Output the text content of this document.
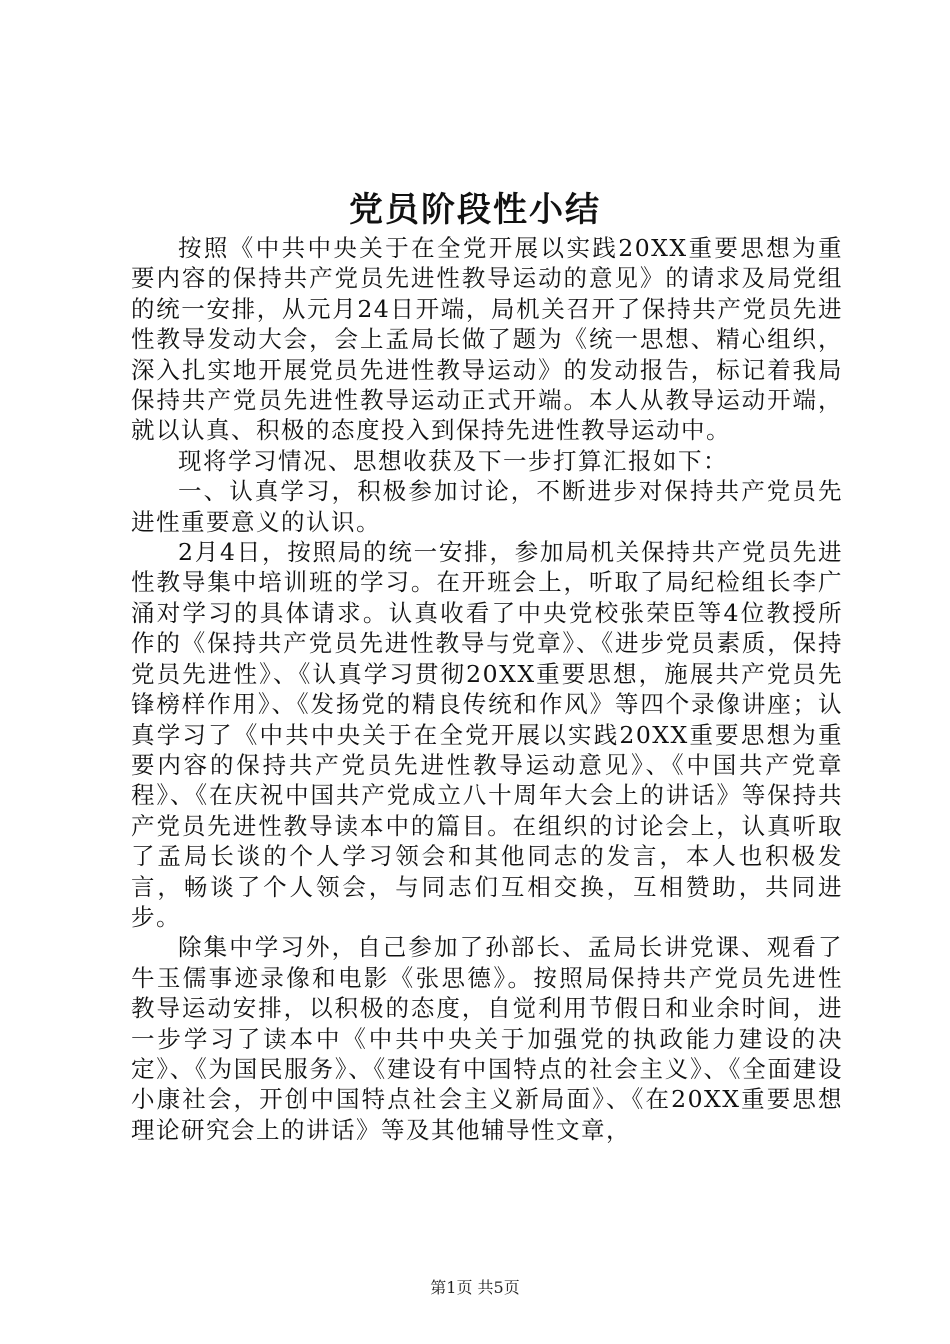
党员阶段性小结

按照《中共中央关于在全党开展以实践20XX重要思想为重要内容的保持共产党员先进性教导运动的意见》的请求及局党组的统一安排，从元月24日开端，局机关召开了保持共产党员先进性教导发动大会，会上孟局长做了题为《统一思想、精心组织，深入扎实地开展党员先进性教导运动》的发动报告，标记着我局保持共产党员先进性教导运动正式开端。本人从教导运动开端，就以认真、积极的态度投入到保持先进性教导运动中。

现将学习情况、思想收获及下一步打算汇报如下：

一、认真学习，积极参加讨论，不断进步对保持共产党员先进性重要意义的认识。

2月4日，按照局的统一安排，参加局机关保持共产党员先进性教导集中培训班的学习。在开班会上，听取了局纪检组长李广涌对学习的具体请求。认真收看了中央党校张荣臣等4位教授所作的《保持共产党员先进性教导与党章》、《进步党员素质，保持党员先进性》、《认真学习贯彻20XX重要思想，施展共产党员先锋榜样作用》、《发扬党的精良传统和作风》等四个录像讲座；认真学习了《中共中央关于在全党开展以实践20XX重要思想为重要内容的保持共产党员先进性教导运动意见》、《中国共产党章程》、《在庆祝中国共产党成立八十周年大会上的讲话》等保持共产党员先进性教导读本中的篇目。在组织的讨论会上，认真听取了孟局长谈的个人学习领会和其他同志的发言，本人也积极发言，畅谈了个人领会，与同志们互相交换，互相赞助，共同进步。

除集中学习外，自己参加了孙部长、孟局长讲党课、观看了牛玉儒事迹录像和电影《张思德》。按照局保持共产党员先进性教导运动安排，以积极的态度，自觉利用节假日和业余时间，进一步学习了读本中《中共中央关于加强党的执政能力建设的决定》、《为国民服务》、《建设有中国特点的社会主义》、《全面建设小康社会，开创中国特点社会主义新局面》、《在20XX重要思想理论研究会上的讲话》等及其他辅导性文章，

第1页 共5页
